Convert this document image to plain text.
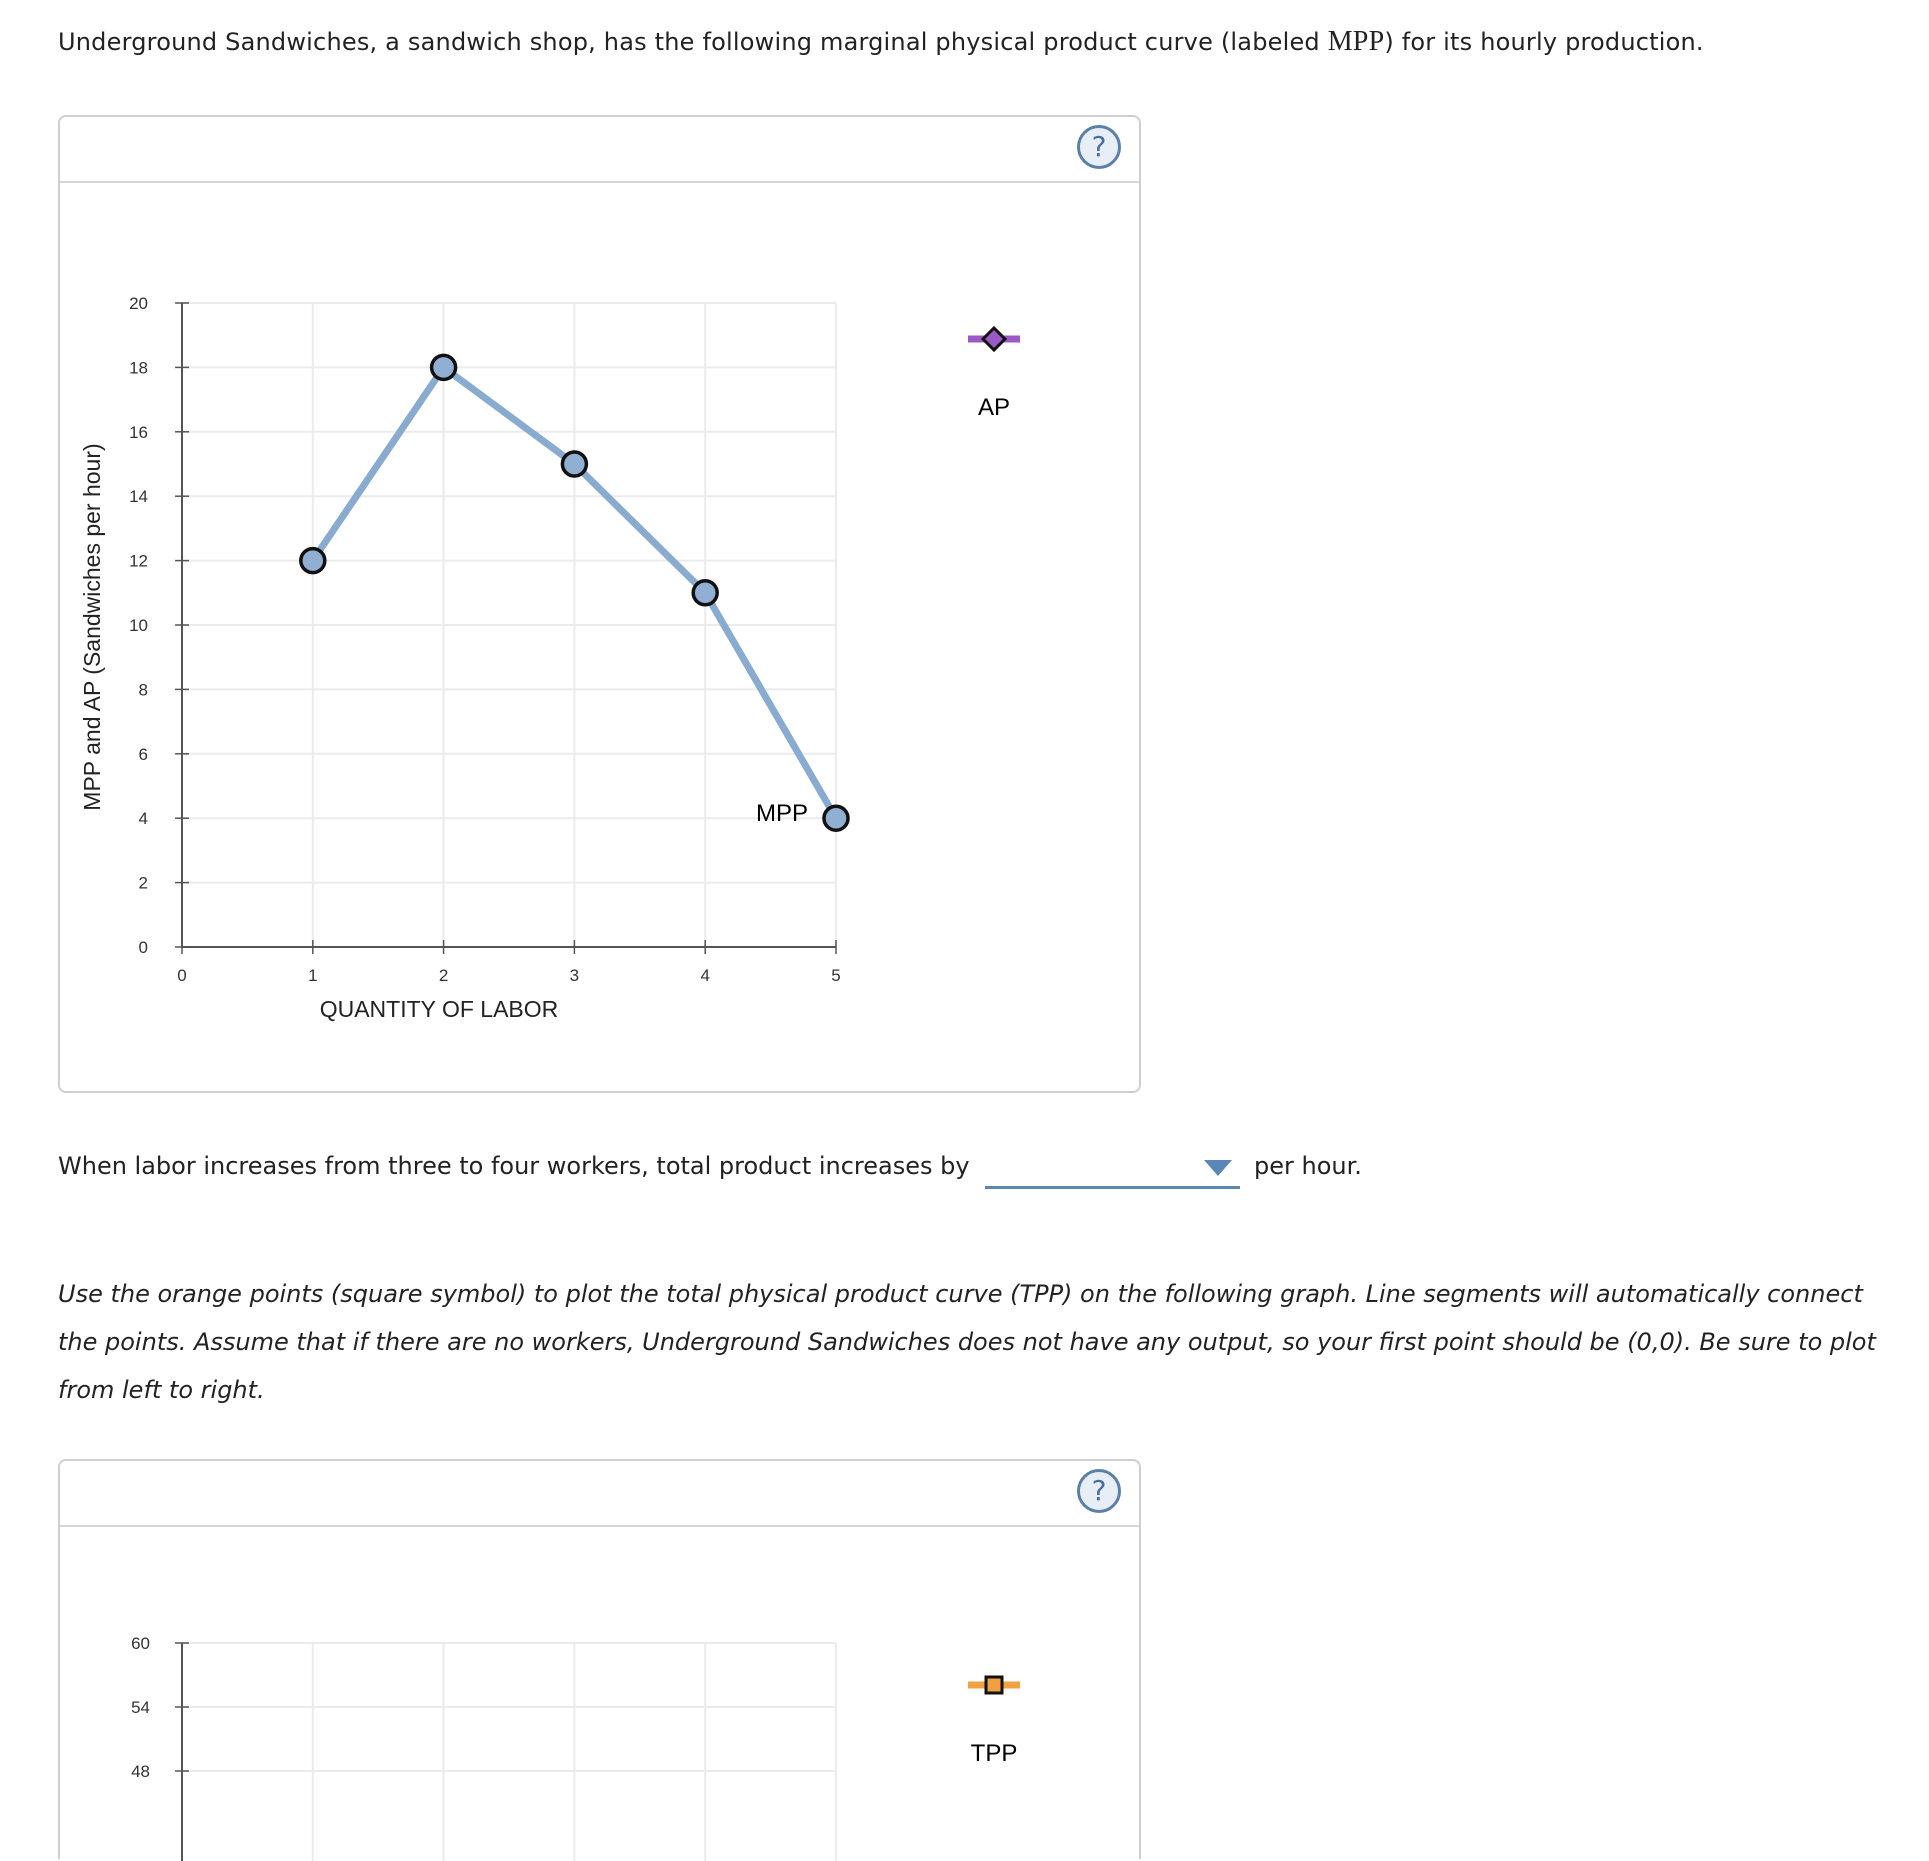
Underground Sandwiches, a sandwich shop, has the following marginal physical product curve (labeled MPP) for its hourly production.
?
0
2
4
6
8
10
12
14
16
18
20
0	1	2	3	4	5
QUANTITY OF LABOR
MPP and AP (Sandwiches per hour)
AP
MPP
When labor increases from three to four workers, total product increases by	per hour.
Use the orange points (square symbol) to plot the total physical product curve (TPP) on the following graph. Line segments will automatically connect the points. Assume that if there are no workers, Underground Sandwiches does not have any output, so your first point should be (0,0). Be sure to plot from left to right.
?
60
54
48
TPP
